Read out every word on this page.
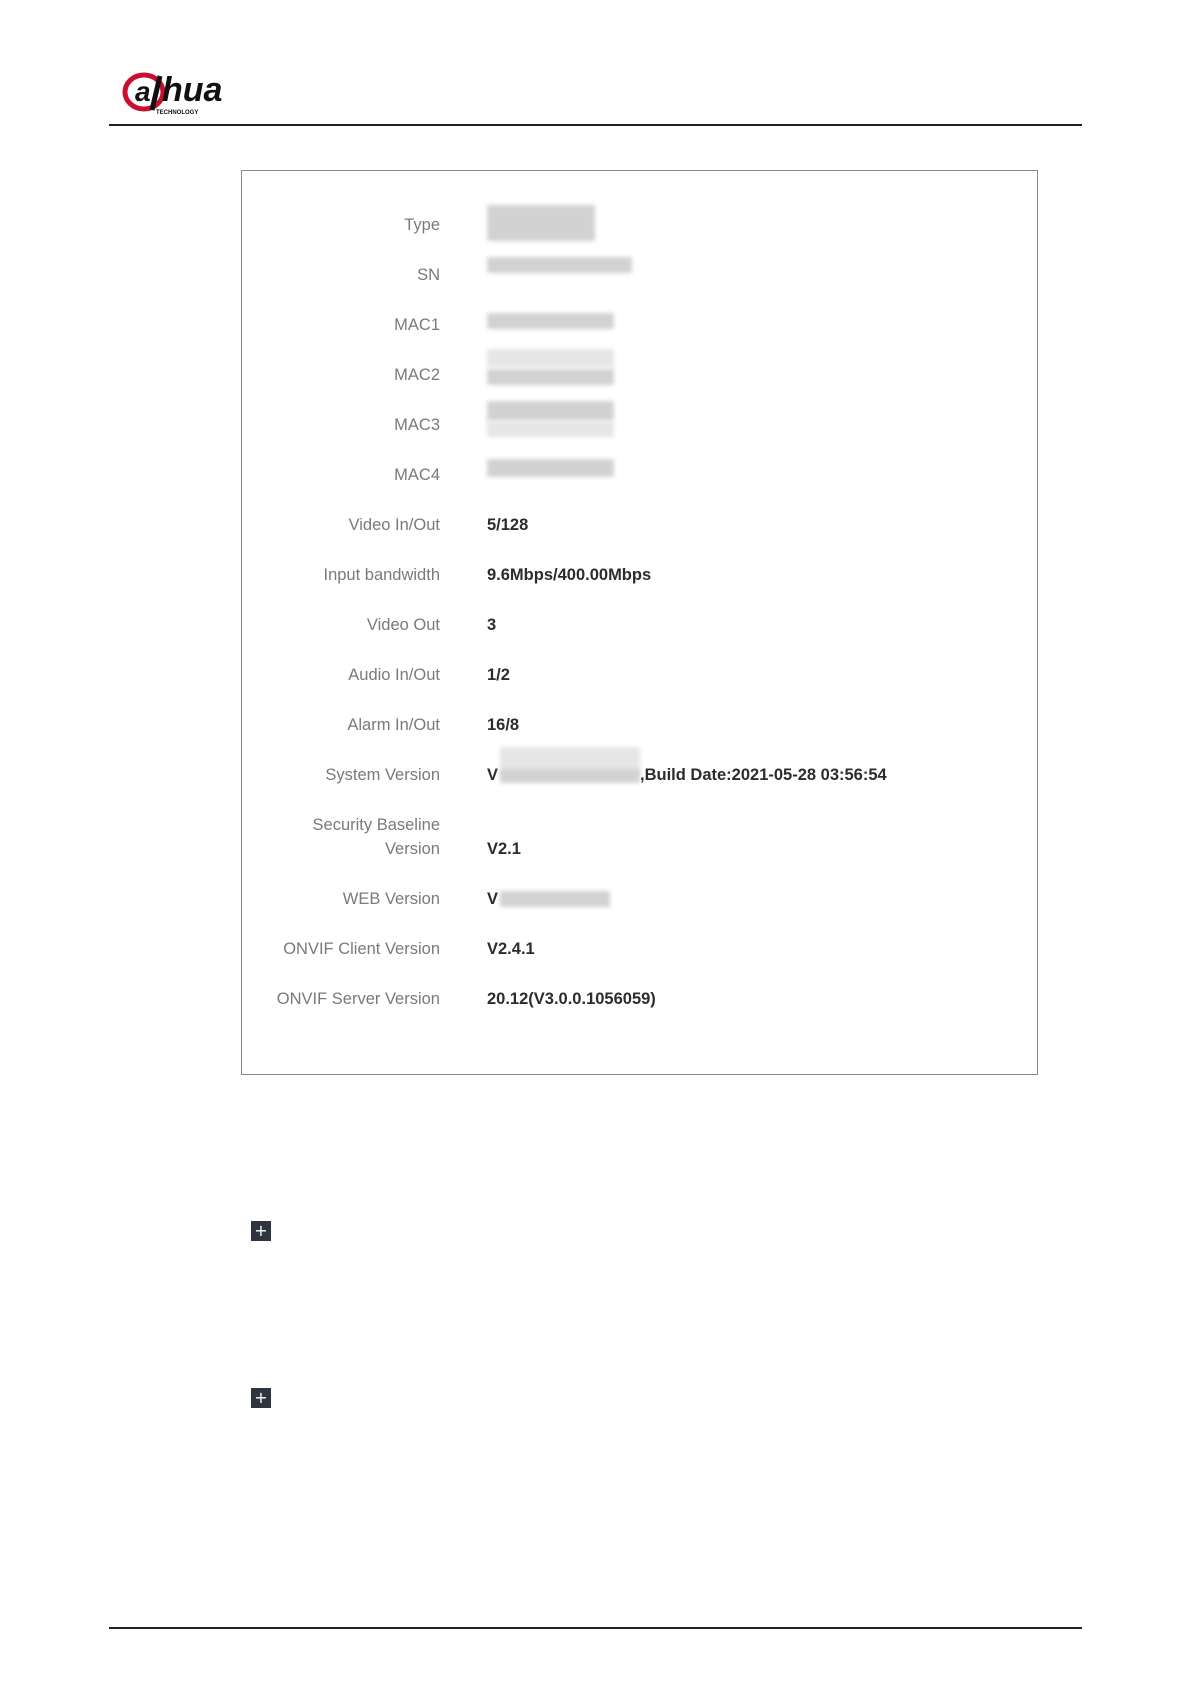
a hua
TECHNOLOGY
Type
SN
MAC1
MAC2
MAC3
MAC4
Video In/Out	5/128
Input bandwidth	9.6Mbps/400.00Mbps
Video Out	3
Audio In/Out	1/2
Alarm In/Out	16/8
System Version	V	,Build Date:2021-05-28 03:56:54
Security Baseline
Version	V2.1
WEB Version	V
ONVIF Client Version	V2.4.1
ONVIF Server Version	20.12(V3.0.0.1056059)
+
+
